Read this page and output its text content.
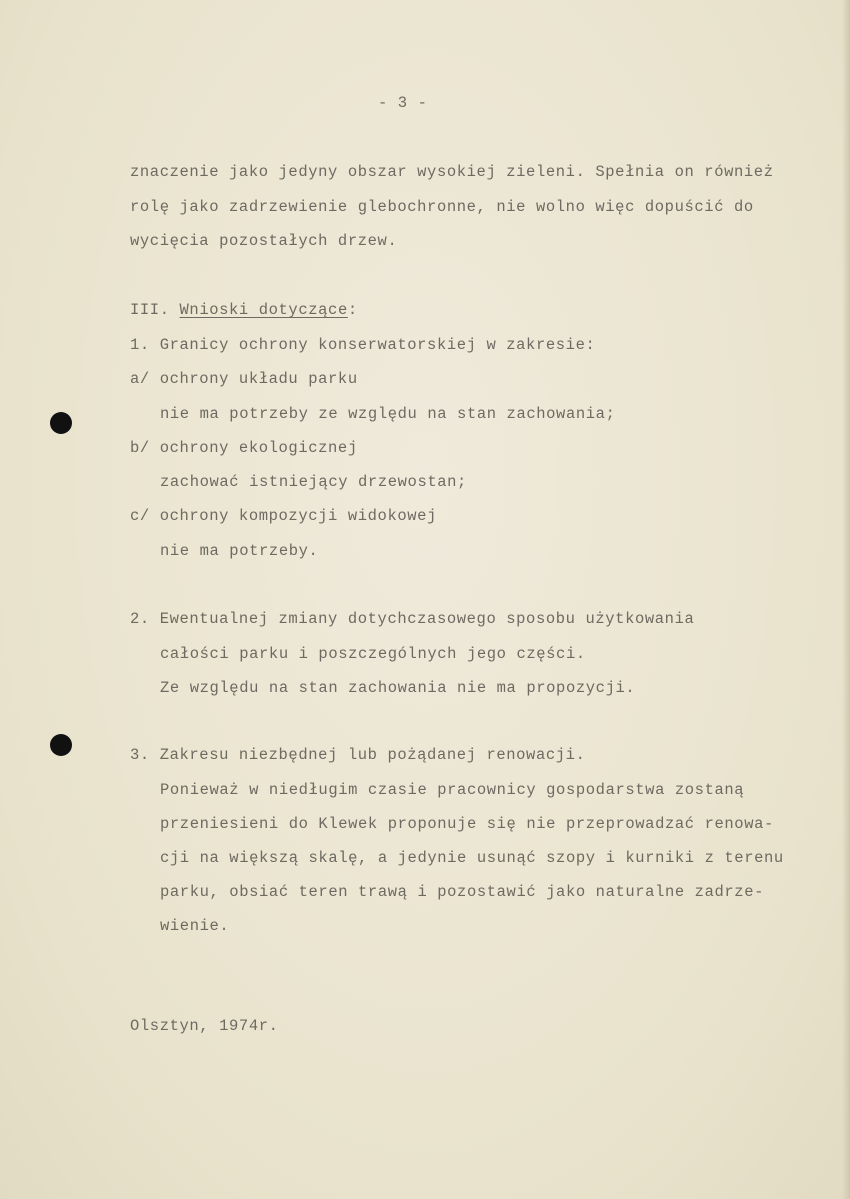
- 3 -
znaczenie jako jedyny obszar wysokiej zieleni. Spełnia on również
rolę jako zadrzewienie glebochronne, nie wolno więc dopuścić do
wycięcia pozostałych drzew.
III. Wnioski dotyczące:
1. Granicy ochrony konserwatorskiej w zakresie:
a/ ochrony układu parku
nie ma potrzeby ze względu na stan zachowania;
b/ ochrony ekologicznej
zachować istniejący drzewostan;
c/ ochrony kompozycji widokowej
nie ma potrzeby.
2. Ewentualnej zmiany dotychczasowego sposobu użytkowania
całości parku i poszczególnych jego części.
Ze względu na stan zachowania nie ma propozycji.
3. Zakresu niezbędnej lub pożądanej renowacji.
Ponieważ w niedługim czasie pracownicy gospodarstwa zostaną
przeniesieni do Klewek proponuje się nie przeprowadzać renowa-
cji na większą skalę, a jedynie usunąć szopy i kurniki z terenu
parku, obsiać teren trawą i pozostawić jako naturalne zadrze-
wienie.
Olsztyn, 1974r.
